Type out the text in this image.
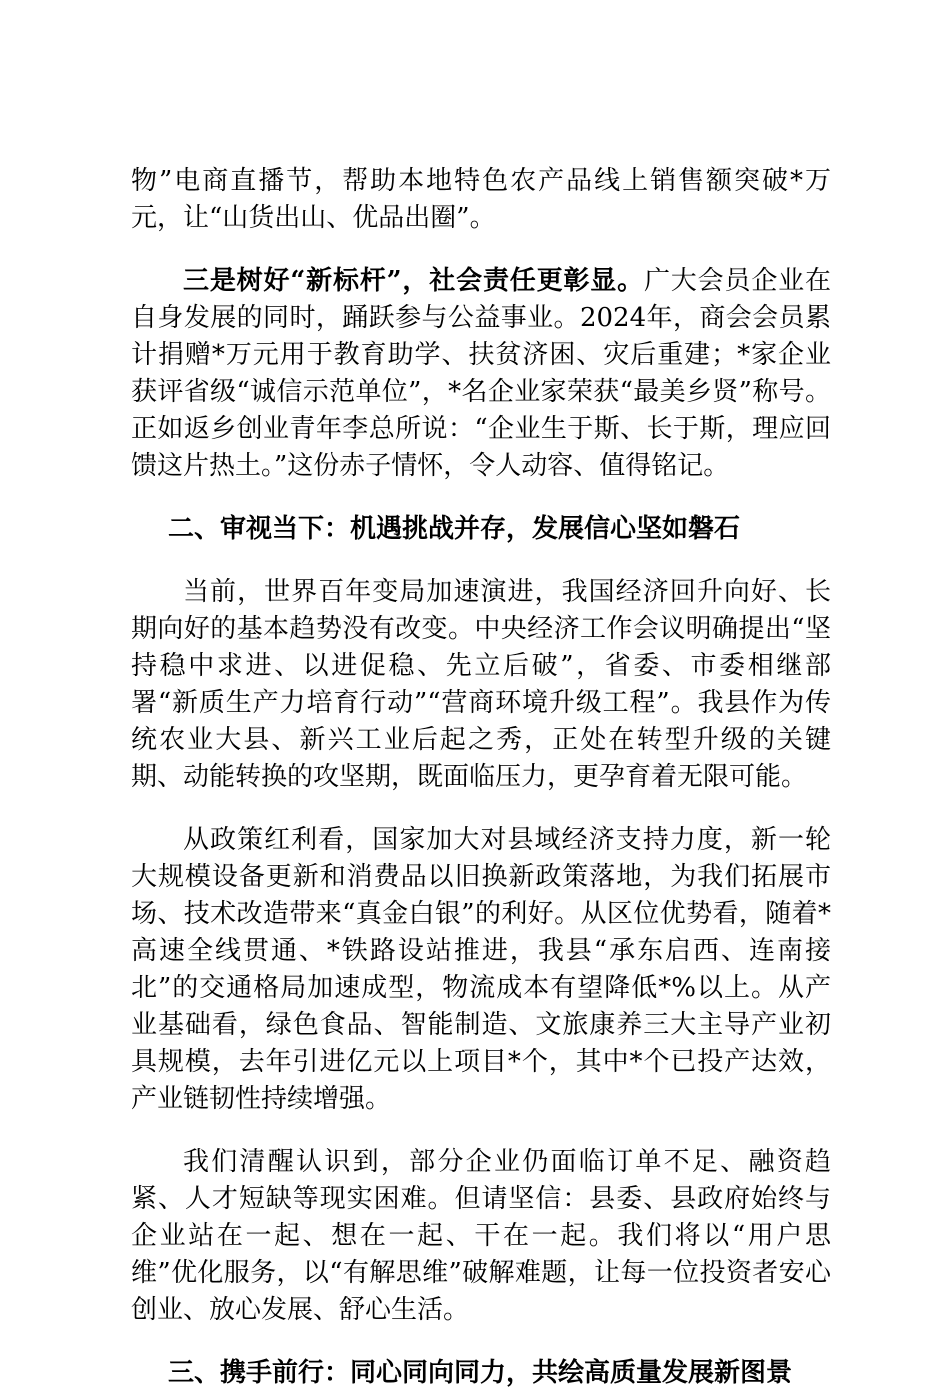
物”电商直播节，帮助本地特色农产品线上销售额突破*万元，让“山货出山、优品出圈”。

三是树好“新标杆”，社会责任更彰显。广大会员企业在自身发展的同时，踊跃参与公益事业。2024年，商会会员累计捐赠*万元用于教育助学、扶贫济困、灾后重建；*家企业获评省级“诚信示范单位”，*名企业家荣获“最美乡贤”称号。正如返乡创业青年李总所说：“企业生于斯、长于斯，理应回馈这片热土。”这份赤子情怀，令人动容、值得铭记。

二、审视当下：机遇挑战并存，发展信心坚如磐石

当前，世界百年变局加速演进，我国经济回升向好、长期向好的基本趋势没有改变。中央经济工作会议明确提出“坚持稳中求进、以进促稳、先立后破”，省委、市委相继部署“新质生产力培育行动”“营商环境升级工程”。我县作为传统农业大县、新兴工业后起之秀，正处在转型升级的关键期、动能转换的攻坚期，既面临压力，更孕育着无限可能。

从政策红利看，国家加大对县域经济支持力度，新一轮大规模设备更新和消费品以旧换新政策落地，为我们拓展市场、技术改造带来“真金白银”的利好。从区位优势看，随着*高速全线贯通、*铁路设站推进，我县“承东启西、连南接北”的交通格局加速成型，物流成本有望降低*%以上。从产业基础看，绿色食品、智能制造、文旅康养三大主导产业初具规模，去年引进亿元以上项目*个，其中*个已投产达效，产业链韧性持续增强。

我们清醒认识到，部分企业仍面临订单不足、融资趋紧、人才短缺等现实困难。但请坚信：县委、县政府始终与企业站在一起、想在一起、干在一起。我们将以“用户思维”优化服务，以“有解思维”破解难题，让每一位投资者安心创业、放心发展、舒心生活。

三、携手前行：同心同向同力，共绘高质量发展新图景
